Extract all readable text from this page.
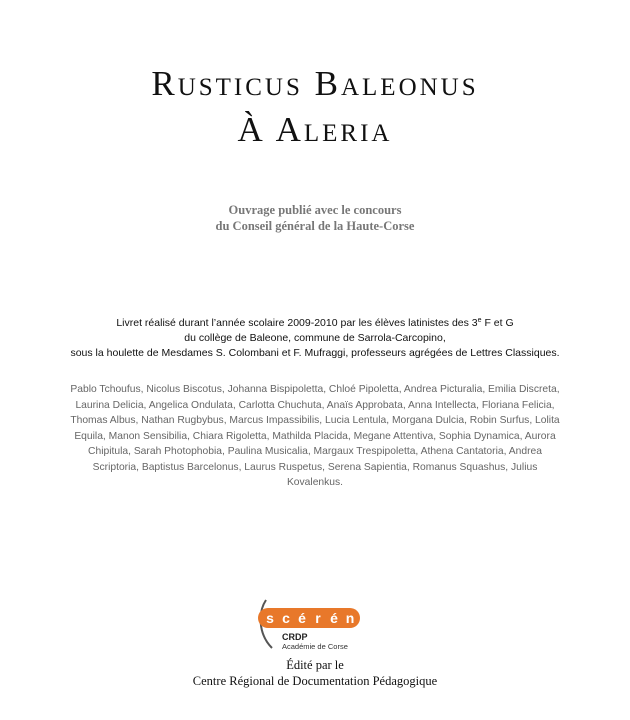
Rusticus Baleonus
À Aleria
Ouvrage publié avec le concours
du Conseil général de la Haute-Corse
Livret réalisé durant l’année scolaire 2009-2010 par les élèves latinistes des 3e F et G
du collège de Baleone, commune de Sarrola-Carcopino,
sous la houlette de Mesdames S. Colombani et F. Mufraggi, professeurs agrégées de Lettres Classiques.
Pablo Tchoufus, Nicolus Biscotus, Johanna Bispipoletta, Chloé Pipoletta, Andrea Picturalia, Emilia Discreta, Laurina Delicia, Angelica Ondulata, Carlotta Chuchuta, Anaïs Approbata, Anna Intellecta, Floriana Felicia, Thomas Albus, Nathan Rugbybus, Marcus Impassibilis, Lucia Lentula, Morgana Dulcia, Robin Surfus, Lolita Equila, Manon Sensibilia, Chiara Rigoletta, Mathilda Placida, Megane Attentiva, Sophia Dynamica, Aurora Chipitula, Sarah Photophobia, Paulina Musicalia, Margaux Trespipoletta, Athena Cantatoria, Andrea Scriptoria, Baptistus Barcelonus, Laurus Ruspetus, Serena Sapientia, Romanus Squashus, Julius Kovalenkus.
s c é r é n
CRDP
Académie de Corse
Édité par le
Centre Régional de Documentation Pédagogique
